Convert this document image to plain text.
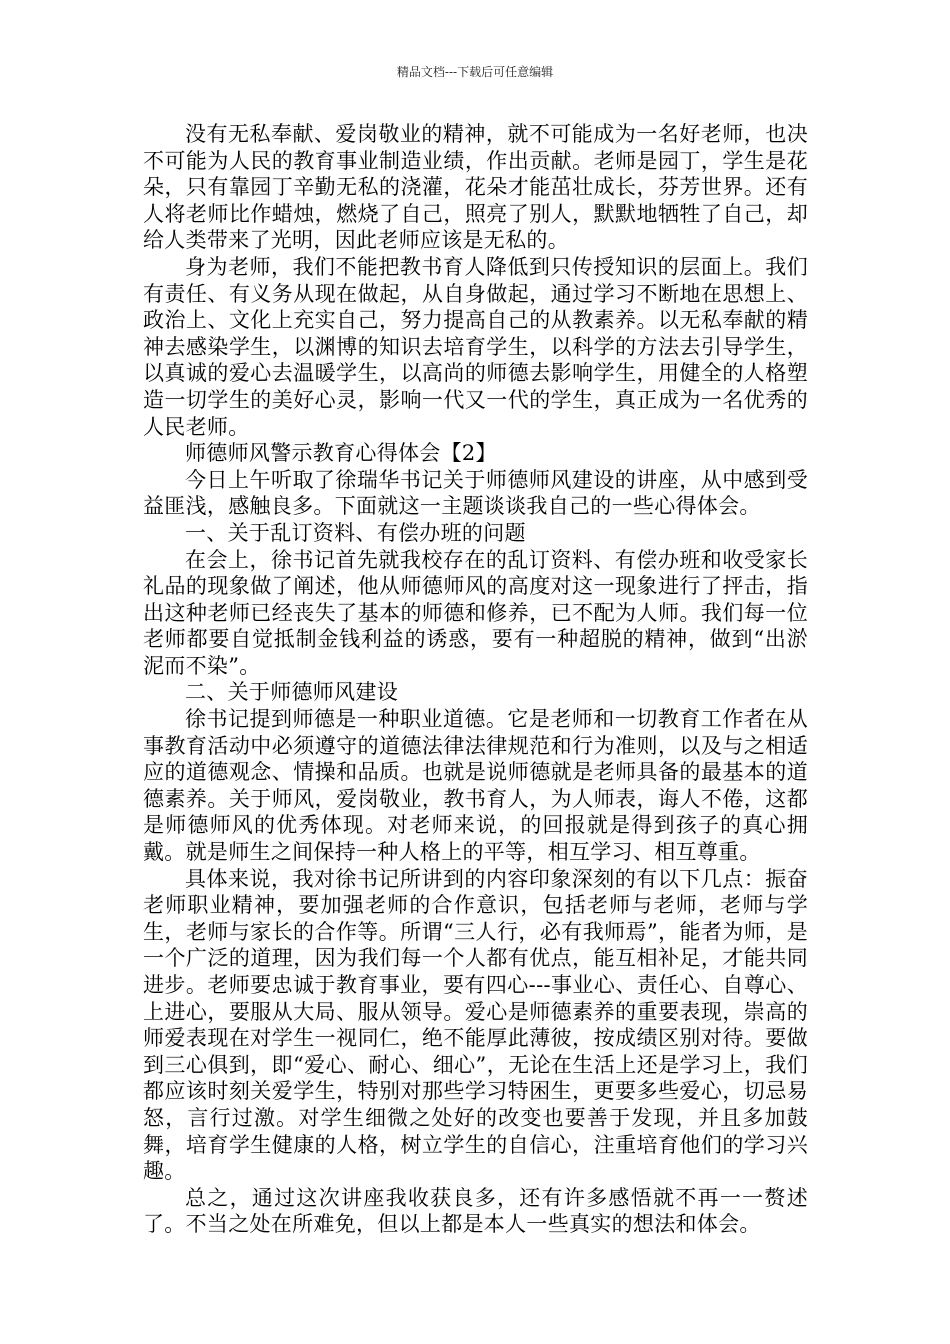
精品文档---下载后可任意编辑

没有无私奉献、爱岗敬业的精神，就不可能成为一名好老师，也决不可能为人民的教育事业制造业绩，作出贡献。老师是园丁，学生是花朵，只有靠园丁辛勤无私的浇灌，花朵才能茁壮成长，芬芳世界。还有人将老师比作蜡烛，燃烧了自己，照亮了别人，默默地牺牲了自己，却给人类带来了光明，因此老师应该是无私的。

身为老师，我们不能把教书育人降低到只传授知识的层面上。我们有责任、有义务从现在做起，从自身做起，通过学习不断地在思想上、政治上、文化上充实自己，努力提高自己的从教素养。以无私奉献的精神去感染学生，以渊博的知识去培育学生，以科学的方法去引导学生，以真诚的爱心去温暖学生，以高尚的师德去影响学生，用健全的人格塑造一切学生的美好心灵，影响一代又一代的学生，真正成为一名优秀的人民老师。

师德师风警示教育心得体会【2】

今日上午听取了徐瑞华书记关于师德师风建设的讲座，从中感到受益匪浅，感触良多。下面就这一主题谈谈我自己的一些心得体会。

一、关于乱订资料、有偿办班的问题

在会上，徐书记首先就我校存在的乱订资料、有偿办班和收受家长礼品的现象做了阐述，他从师德师风的高度对这一现象进行了抨击，指出这种老师已经丧失了基本的师德和修养，已不配为人师。我们每一位老师都要自觉抵制金钱利益的诱惑，要有一种超脱的精神，做到“出淤泥而不染”。

二、关于师德师风建设

徐书记提到师德是一种职业道德。它是老师和一切教育工作者在从事教育活动中必须遵守的道德法律法律规范和行为准则，以及与之相适应的道德观念、情操和品质。也就是说师德就是老师具备的最基本的道德素养。关于师风，爱岗敬业，教书育人，为人师表，诲人不倦，这都是师德师风的优秀体现。对老师来说，的回报就是得到孩子的真心拥戴。就是师生之间保持一种人格上的平等，相互学习、相互尊重。

具体来说，我对徐书记所讲到的内容印象深刻的有以下几点：振奋老师职业精神，要加强老师的合作意识，包括老师与老师，老师与学生，老师与家长的合作等。所谓“三人行，必有我师焉”，能者为师，是一个广泛的道理，因为我们每一个人都有优点，能互相补足，才能共同进步。老师要忠诚于教育事业，要有四心---事业心、责任心、自尊心、上进心，要服从大局、服从领导。爱心是师德素养的重要表现，崇高的师爱表现在对学生一视同仁，绝不能厚此薄彼，按成绩区别对待。要做到三心俱到，即“爱心、耐心、细心”，无论在生活上还是学习上，我们都应该时刻关爱学生，特别对那些学习特困生，更要多些爱心，切忌易怒，言行过激。对学生细微之处好的改变也要善于发现，并且多加鼓舞，培育学生健康的人格，树立学生的自信心，注重培育他们的学习兴趣。

总之，通过这次讲座我收获良多，还有许多感悟就不再一一赘述了。不当之处在所难免，但以上都是本人一些真实的想法和体会。
